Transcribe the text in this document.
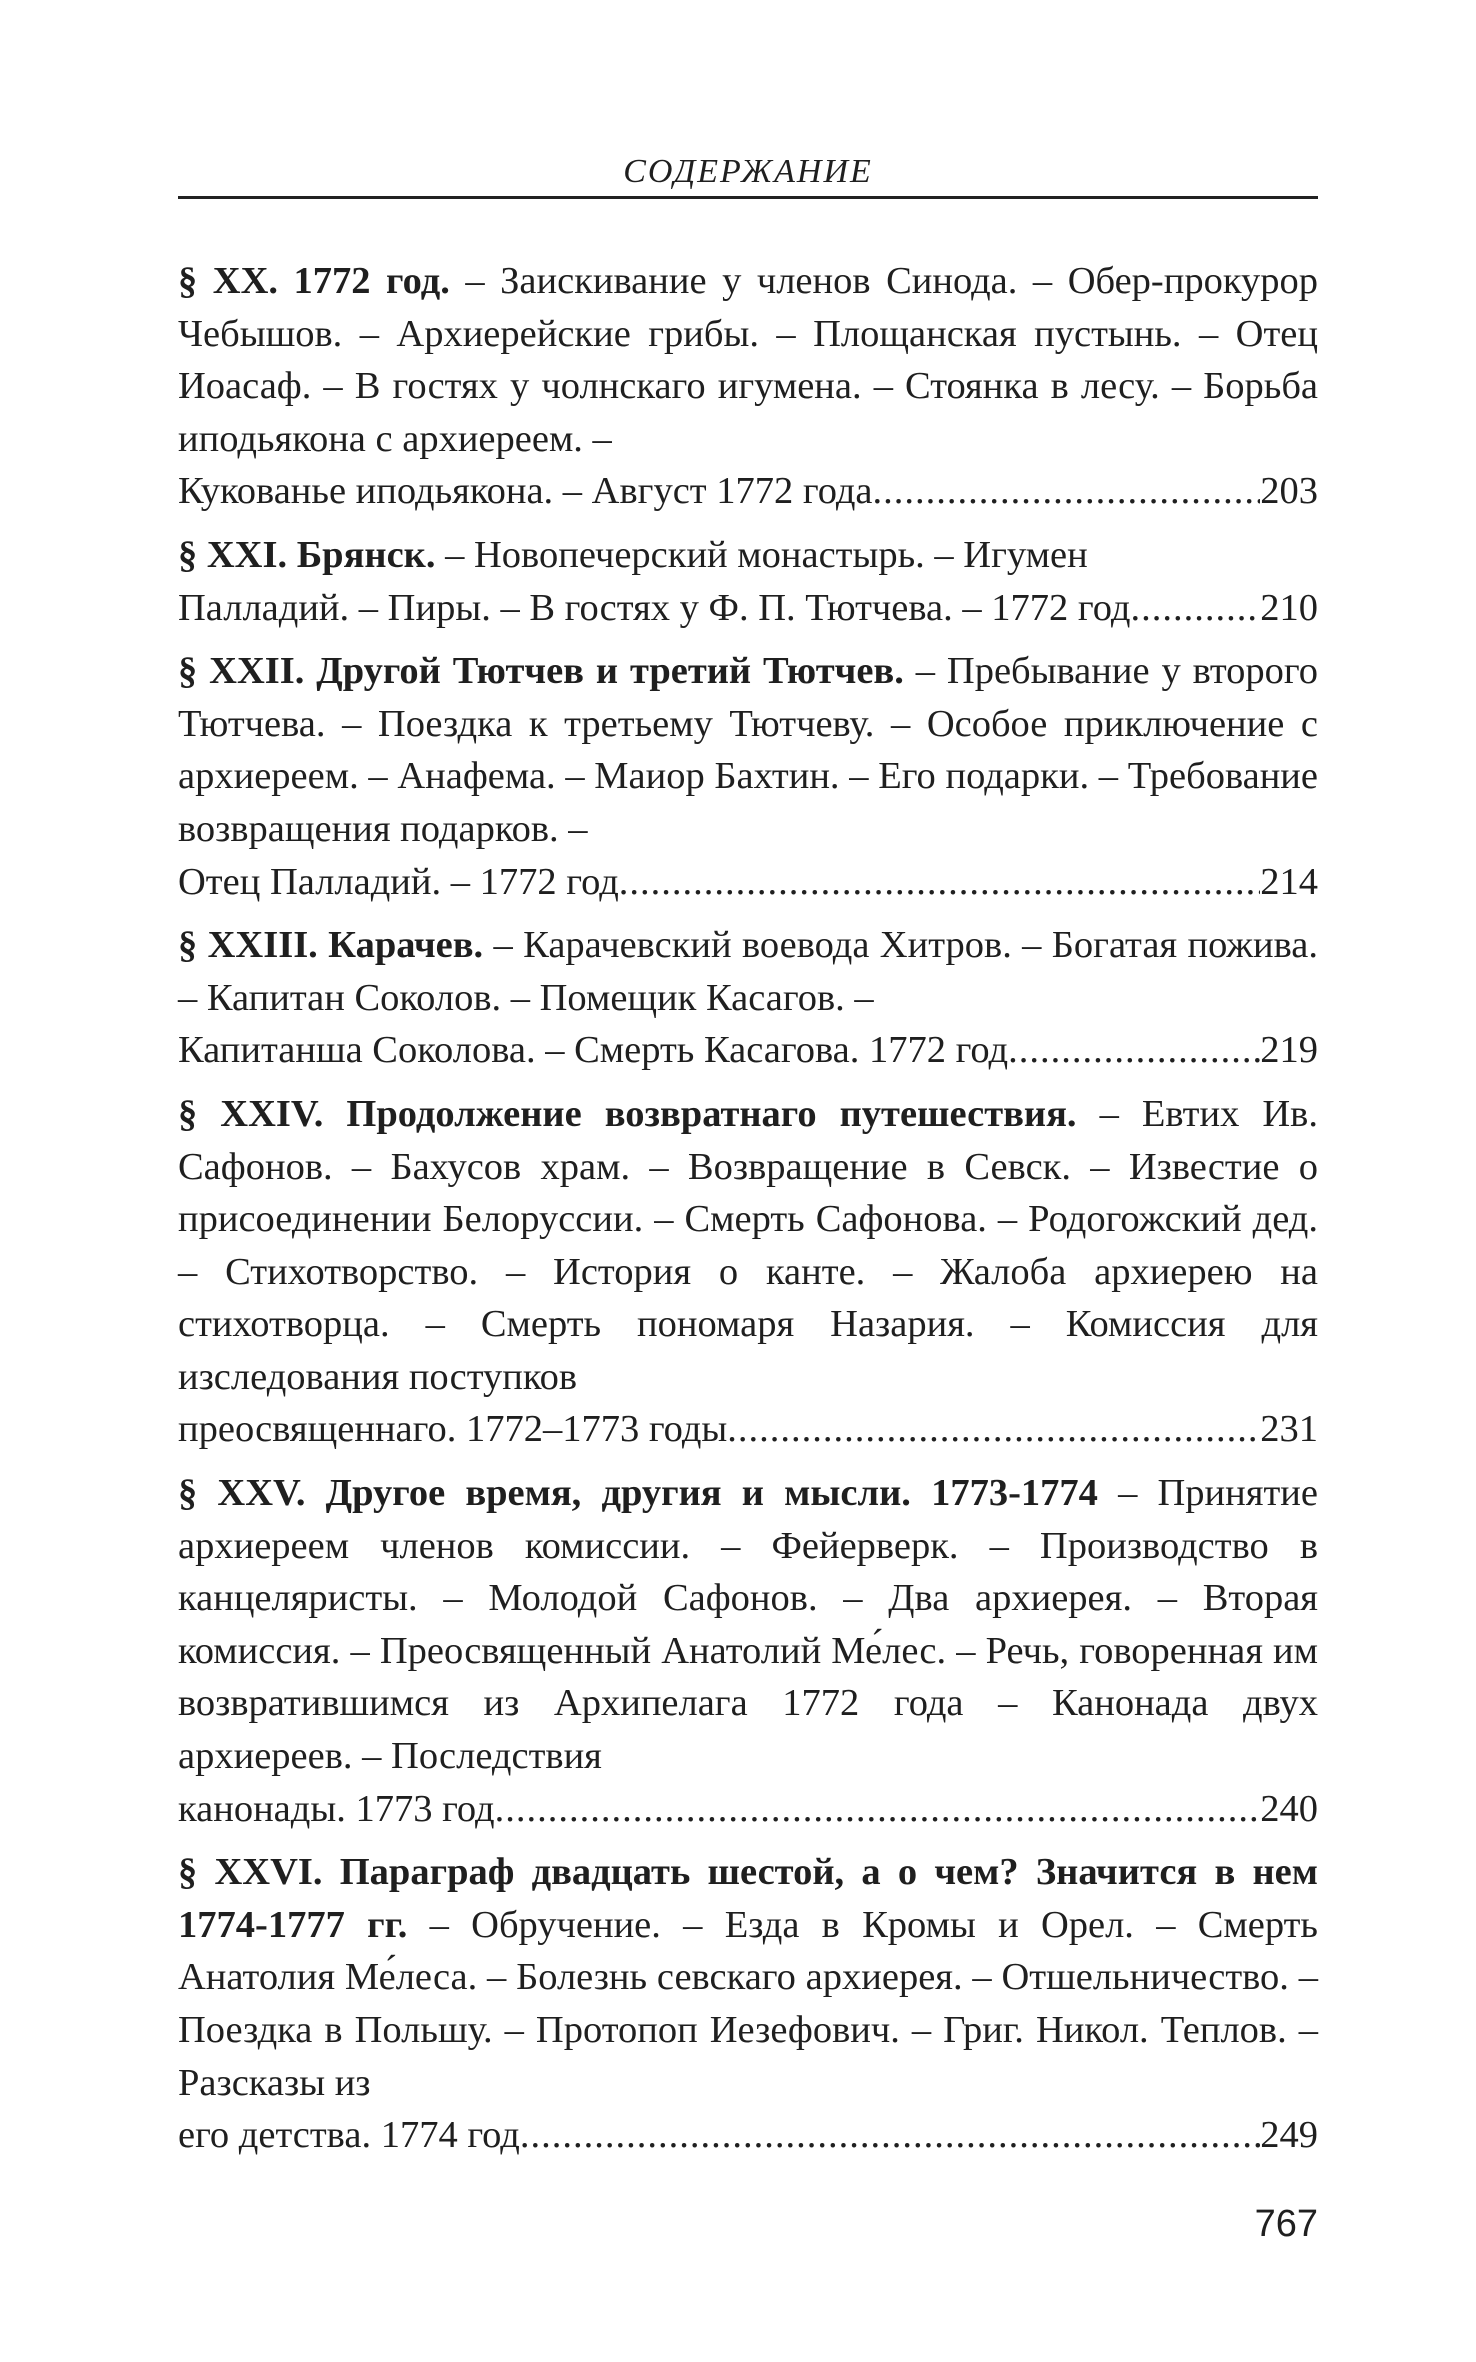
СОДЕРЖАНИЕ
§ XX. 1772 год. – Заискивание у членов Синода. – Обер-прокурор Чебышов. – Архиерейские грибы. – Площанская пустынь. – Отец Иоасаф. – В гостях у чолнскаго игумена. – Стоянка в лесу. – Борьба иподьякона с архиереем. –
Кукованье иподьякона. – Август 1772 года .....	203
§ XXI. Брянск. – Новопечерский монастырь. – Игумен
Палладий. – Пиры. – В гостях у Ф. П. Тютчева. – 1772 год .....	210
§ XXII. Другой Тютчев и третий Тютчев. – Пребывание у второго Тютчева. – Поездка к третьему Тютчеву. – Особое приключение с архиереем. – Анафема. – Маиор Бахтин. – Его подарки. – Требование возвращения подарков. –
Отец Палладий. – 1772 год .....	214
§ XXIII. Карачев. – Карачевский воевода Хитров. – Богатая пожива. – Капитан Соколов. – Помещик Касагов. –
Капитанша Соколова. – Смерть Касагова. 1772 год .....	219
§ XXIV. Продолжение возвратнаго путешествия. – Евтих Ив. Сафонов. – Бахусов храм. – Возвращение в Севск. – Известие о присоединении Белоруссии. – Смерть Сафонова. – Родогожский дед. – Стихотворство. – История о канте. – Жалоба архиерею на стихотворца. – Смерть пономаря Назария. – Комиссия для изследования поступков
преосвященнаго. 1772–1773 годы .....	231
§ XXV. Другое время, другия и мысли. 1773-1774 – Принятие архиереем членов комиссии. – Фейерверк. – Производство в канцеляристы. – Молодой Сафонов. – Два архиерея. – Вторая комиссия. – Преосвященный Анатолий Ме́лес. – Речь, говоренная им возвратившимся из Архипелага 1772 года – Канонада двух архиереев. – Последствия
канонады. 1773 год .....	240
§ XXVI. Параграф двадцать шестой, а о чем? Значится в нем 1774-1777 гг. – Обручение. – Езда в Кромы и Орел. – Смерть Анатолия Ме́леса. – Болезнь севскаго архиерея. – Отшельничество. – Поездка в Польшу. – Протопоп Иезефович. – Григ. Никол. Теплов. – Разсказы из
его детства. 1774 год .....	249
767
